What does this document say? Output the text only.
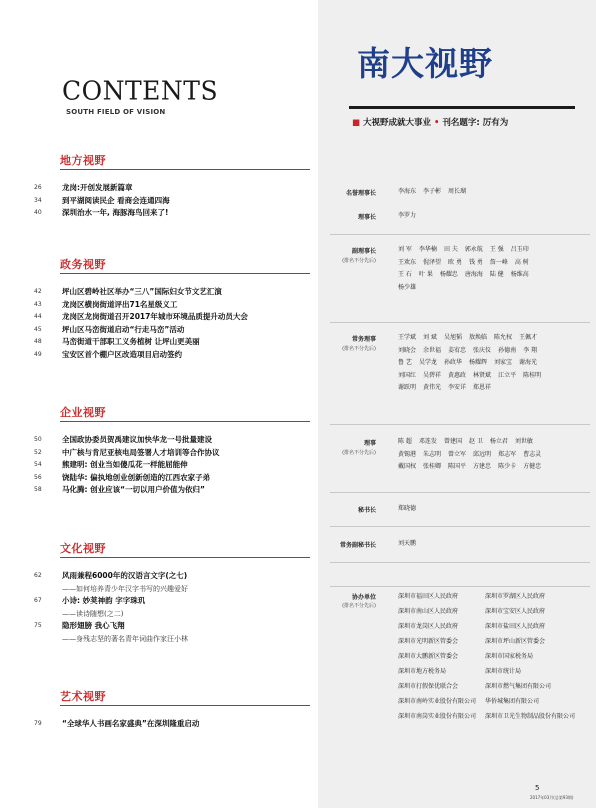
CONTENTS
SOUTH FIELD OF VISION
地方视野
26	龙岗:开创发展新篇章
34	到平湖阅读民企 看商会连通四海
40	深圳治水一年, 海豚海鸟回来了!
政务视野
42	坪山区碧岭社区举办“三八”国际妇女节文艺汇演
43	龙岗区横岗街道评出71名星级义工
44	龙岗区龙岗街道召开2017年城市环境品质提升动员大会
45	坪山区马峦街道启动“行走马峦”活动
48	马峦街道干部职工义务植树 让坪山更美丽
49	宝安区首个棚户区改造项目启动签约
企业视野
50	全国政协委员贺禹建议加快华龙一号批量建设
52	中广核与肯尼亚核电局签署人才培训等合作协议
54	熊建明: 创业当如傻瓜花一样能屈能伸
56	饶陆华: 偏执地创业创新创造的江西农家子弟
58	马化腾: 创业应该“一切以用户价值为依归”
文化视野
62	风雨兼程6000年的汉语言文字(之七)
——如何培养青少年汉字书写的兴趣爱好
67	小诗: 妙荚神韵 字字珠玑
——读诗随想(之二)
75	隐形翅膀 我心飞翔
——身残志坚的著名青年词曲作家汪小林
艺术视野
79	“全球华人书画名家盛典”在深圳隆重启动
南大视野
■ 大视野成就大事业 • 刊名题字: 厉有为
名誉理事长	李海东 李子彬 周长瑚
理事长	李罗力
副理事长
(排名不分先后)
刘 军 李华楠 田 夫 郭永航 王 强 吕玉印
王欢东 倪泽望 欧 勇 钱 勇 詹一峰 高 树
王 石 叶 果 杨耀忠 唐海海 陆 健 杨维高
杨少雄
常务理事
(排名不分先后)
王学斌 刘 斌 吴旭韬 敖焕临 陈允权 王佩才
刘晓会 余世福 姜宥忠 张庆仪 孙德南 李 翔
鲁 艺 吴学龙 孙政华 杨耀辉 刘家宝 谢海光
刘国红 吴碧祥 黄惠政 林贤斌 江立平 陈桂明
谢跃明 黄伟光 李安详 郑恩祥
理事
(排名不分先后)
陈 超 邓连发 曾建国 赵 卫 杨立君 刘世敏
黄锡港 朱志明 曾立军 邱远明 郑志军 曹志灵
戴国权 张桂卿 陈国平 方建忠 陈少卡 方健忠
秘书长	郑晓德
常务副秘书长	刘天鹏
协办单位
(排名不分先后)
深圳市福田区人民政府	深圳市罗湖区人民政府
深圳市南山区人民政府	深圳市宝安区人民政府
深圳市龙岗区人民政府	深圳市盐田区人民政府
深圳市光明新区管委会	深圳市坪山新区管委会
深圳市大鹏新区管委会	深圳市国家税务局
深圳市地方税务局	深圳市统计局
深圳市打假保优联合会	深圳市燃气集团有限公司
深圳市南岭实业股份有限公司 华侨城集团有限公司
深圳市南岗实业股份有限公司 深圳市卫光生物制品股份有限公司
5
2017年03月(总第93期)
